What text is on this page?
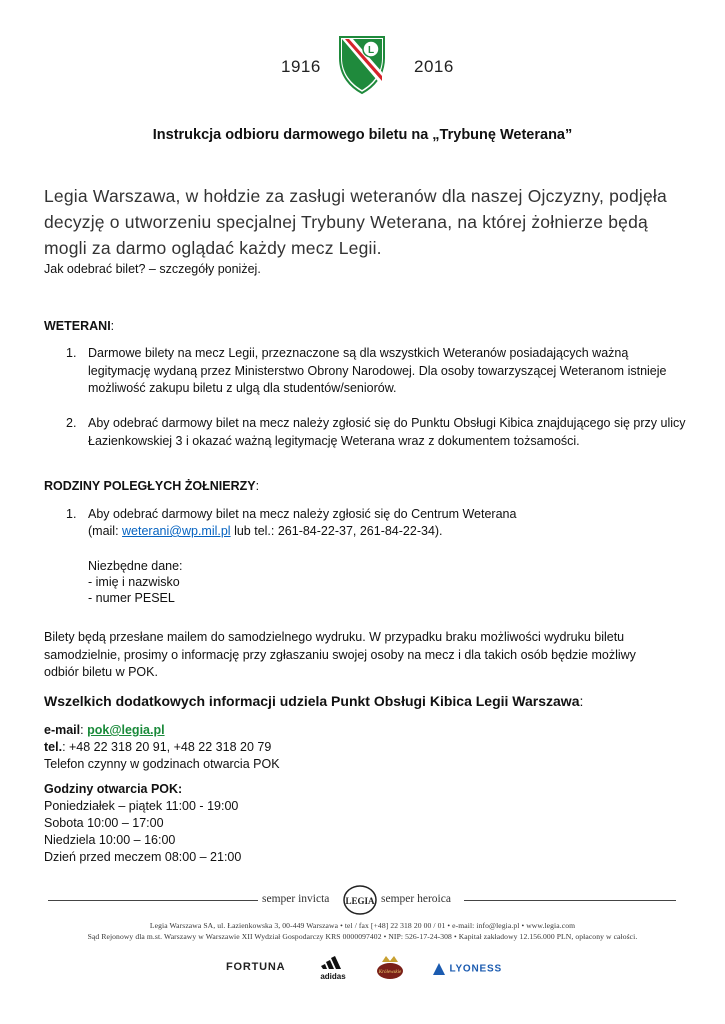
1916	2016
L
Instrukcja odbioru darmowego biletu na „Trybunę Weterana”
Legia Warszawa, w hołdzie za zasługi weteranów dla naszej Ojczyzny, podjęła decyzję o utworzeniu specjalnej Trybuny Weterana, na której żołnierze będą mogli za darmo oglądać każdy mecz Legii.
Jak odebrać bilet? – szczegóły poniżej.
WETERANI:
1. Darmowe bilety na mecz Legii, przeznaczone są dla wszystkich Weteranów posiadających ważną legitymację wydaną przez Ministerstwo Obrony Narodowej. Dla osoby towarzyszącej Weteranom istnieje możliwość zakupu biletu z ulgą dla studentów/seniorów.
2. Aby odebrać darmowy bilet na mecz należy zgłosić się do Punktu Obsługi Kibica znajdującego się przy ulicy Łazienkowskiej 3 i okazać ważną legitymację Weterana wraz z dokumentem tożsamości.
RODZINY POLEGŁYCH ŻOŁNIERZY:
1. Aby odebrać darmowy bilet na mecz należy zgłosić się do Centrum Weterana
(mail: weterani@wp.mil.pl lub tel.: 261-84-22-37, 261-84-22-34).
Niezbędne dane:
- imię i nazwisko
- numer PESEL
Bilety będą przesłane mailem do samodzielnego wydruku. W przypadku braku możliwości wydruku biletu samodzielnie, prosimy o informację przy zgłaszaniu swojej osoby na mecz i dla takich osób będzie możliwy odbiór biletu w POK.
Wszelkich dodatkowych informacji udziela Punkt Obsługi Kibica Legii Warszawa:
e-mail: pok@legia.pl
tel.: +48 22 318 20 91, +48 22 318 20 79
Telefon czynny w godzinach otwarcia POK
Godziny otwarcia POK:
Poniedziałek – piątek 11:00 - 19:00
Sobota 10:00 – 17:00
Niedziela 10:00 – 16:00
Dzień przed meczem 08:00 – 21:00
semper invicta LEGIA semper heroica
Legia Warszawa SA, ul. Łazienkowska 3, 00-449 Warszawa • tel / fax [+48] 22 318 20 00 / 01 • e-mail: info@legia.pl • www.legia.com
Sąd Rejonowy dla m.st. Warszawy w Warszawie XII Wydział Gospodarczy KRS 0000097402 • NIP: 526-17-24-308 • Kapitał zakładowy 12.156.000 PLN, opłacony w całości.
FORTUNA
adidas	Królewskie	LYONESS
